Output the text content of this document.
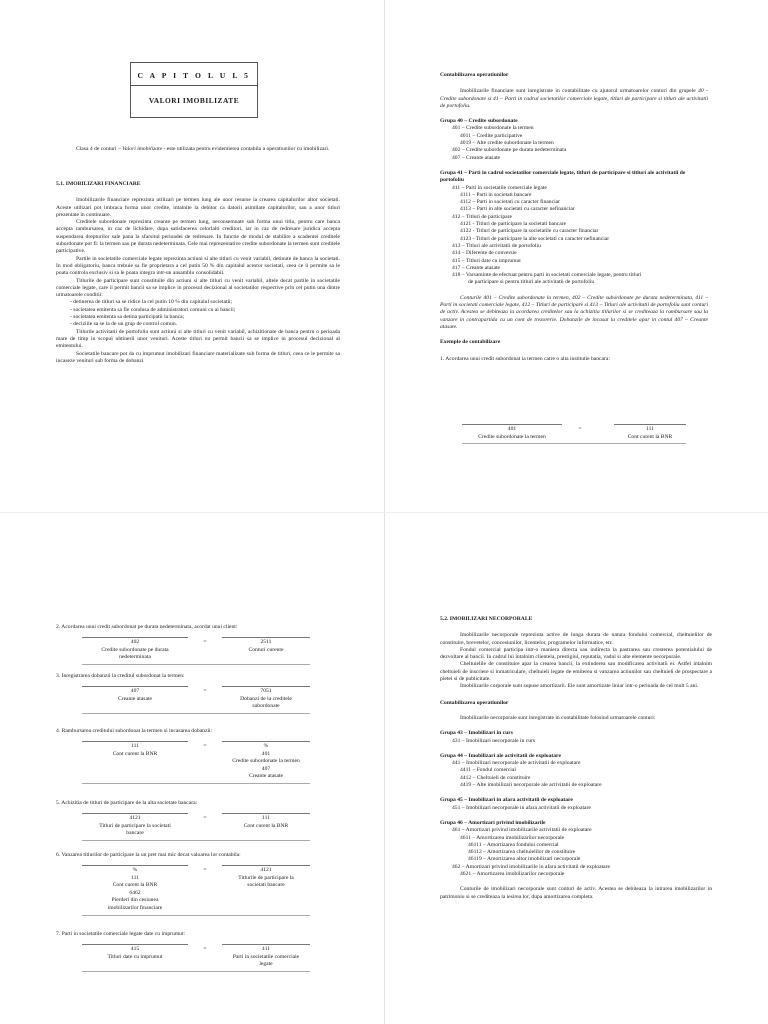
C A P I T O L U L 5
VALORI IMOBILIZATE

Clasa 4 de conturi – Valori imobilizate - este utilizata pentru evidentierea contabila a operatiunilor cu imobilizari.

5.1. IMOBILIZARI FINANCIARE

Imobilizarile financiare reprezinta utilizari pe termen lung ale unor resurse la crearea capitalurilor altor societati. Aceste utilizari pot imbraca forma unor credite, intalnite la debitor ca datorii asimilate capitalurilor, sau a unor titluri prezentate in continuare.

Creditele subordonate reprezinta creante pe termen lung, neconsemnate sub forma unui titlu, pentru care banca accepta rambursarea, in caz de lichidare, dupa satisfacerea celorlalti creditori, iar in caz de redresare juridica accepta suspendarea drepturilor sale pana la sfarsitul perioadei de redresare. In functie de modul de stabilire a scadentei creditele subordonate pot fi: la termen sau pe durata nedeterminata. Cele mai reprezentative credite subordonate la termen sunt creditele participative.

Partile in societatile comerciale legate reprezinta actiuni si alte titluri cu venit variabil, detinute de banca la societati. In mod obligatoriu, banca trebuie sa fie proprietara a cel putin 50 % din capitalul acestor societati, ceea ce ii permite sa le poata controla exclusiv si sa le poata integra intr-un ansamblu consolidabil.

Titlurile de participare sunt constituite din actiuni si alte titluri cu venit variabil, altele decat partile in societatile comerciale legate, care ii permit bancii sa se implice in procesul decizional al societatilor respective prin cel putin una dintre urmatoarele conditii:

- detinerea de titluri sa se ridice la cel putin 10 % din capitalul societatii;

- societatea emitenta sa fie condusa de administratori comuni cu ai bancii;

- societatea emitenta sa detina participatii la banca;

- deciziile sa se ia de un grup de control comun.

Titlurile activitatii de portofoliu sunt actiuni si alte titluri cu venit variabil, achizitionate de banca pentru o perioada mare de timp in scopul obtinerii unor venituri. Aceste titluri nu permit bancii sa se implice in procesul decizional al emitentului.

Societatile bancare pot da cu imprumut imobilizari financiare materializate sub forma de titluri, ceea ce le permite sa incaseze venituri sub forma de dobanzi

Contabilizarea operatiunilor

Imobilizarile financiare sunt inregistrate in contabilitate cu ajutorul urmatoarelor conturi din grupele 40 - Credite subordonate si 41 – Parti in cadrul societatilor comerciale legate, titluri de participare si titluri ale activitatii de portofoliu.

Grupa 40 – Credite subordonate

401 – Credite subordonate la termen

4011 – Credite participative

4019 – Alte credite subordonate la termen

402 – Credite subordonate pe durata nedeterminata

407 – Creante atasate

Grupa 41 – Parti in cadrul societatilor comerciale legate, titluri de participare si titluri ale activitatii de portofoliu

411 – Parti in societatile comerciale legate

4111 – Parti in societati bancare

4112 – Parti in societati cu caracter financiar

4113 – Parti in alte societati cu caracter nefinanciar

412 – Titluri de participare

4121 - Titluri de participare la societati bancare

4122 - Titluri de participare la societatile cu caracter financiar

4123 - Titluri de participare la alte societati cu caracter nefinanciar

413 – Titluri ale activitatii de portofoliu

414 – Diferente de conversie

415 – Titluri date cu imprumut

417 – Creante atasate

418 – Varsaminte de efectuat pentru parti in societati comerciale legate, pentru titluri

de participare si pentru titluri ale activitatii de portofoliu

Conturile 401 – Credite subordonate la termen, 402 – Credite subordonate pe durata nedeterminata, 411 – Parti in societati comerciale legate, 412 – Titluri de participare si 413 – Titluri ale activitatii de portofoliu sunt conturi de activ. Acestea se debiteaza la acordarea creditelor sau la achizitia titlurilor si se crediteaza la rambursare sau la vanzare in contrapartida cu un cont de trezorerie. Dobanzile de incasat la creditele apar in contul 407 – Creante atasate.

Exemple de contabilizare

1. Acordarea unui credit subordonat la termen catre o alta institutie bancara:

401
Credite subordonate la termen
=	111
Cont curent la BNR
2. Acordarea unui credit subordonat pe durata nedeterminata, acordat unui client:
402
Credite subordonate pe durata
nedeterminata
=	2511
Conturi curente
3. Inregistrarea dobanzii la creditul subordonat la termen:
407
Creante atasate
=	7051
Dobanzi de la creditele
subordonate
4. Rambursarea creditului subordonat la termen si incasarea dobanzii:
111
Cont curent la BNR
=	%
401
Credite subordonate la termen
407
Creante atasate
5. Achizitia de titluri de participare de la alta societate bancara:
4121
Titluri de participare la societati
bancare
=	111
Cont curent la BNR
6. Vanzarea titlurilor de participare la un pret mai mic decat valoarea lor contabila:
%
111
Cont curent la BNR
6462
Pierderi din cesiunea
imobilizarilor financiare
=	4121
Titlurile de participare la
societati bancare
7. Parti in societatile comerciale legate date cu imprumut:
415
Titluri date cu imprumut
=	411
Parti in societatile comerciale
legate

5.2. IMOBILIZARI NECORPORALE

Imobilizarile necorporale reprezinta active de lunga durata de natura fondului comercial, cheltuielilor de constituire, brevetelor, concesiunilor, licentelor, programelor informatice, etc.

Fondul comercial participa intr-o maniera directa sau indirecta la pastrarea sau cresterea potentialului de dezvoltare al bancii. In cadrul lui intalnim clientela, prestigiul, reputatia, vadul si alte elemente necorporale.

Cheltuielile de constituire apar la crearea bancii, la extinderea sau modificarea activitatii ei. Astfel intalnim cheltuieli de inscriere si inmatriculare, cheltuieli legate de emiterea si vanzarea actiunilor sau cheltuieli de prospectare a pietei si de publicitate.

Imobilizarile corporale sunt supuse amortizarii. Ele sunt amortizate liniar intr-o perioada de cel mult 5 ani.

Contabilizarea operatiunilor

Imobilizarile necorporale sunt inregistrate in contabilitate folosind urmatoarele conturi:

Grupa 43 – Imobilizari in curs

431 – Imobilizari necorporale in curs

Grupa 44 – Imobilizari ale activitatii de exploatare

441 – Imobilizari necorporale ale activitatii de exploatare

4411 – Fondul comercial

4412 – Cheltuieli de constituire

4419 – Alte imobilizari necorporale ale activitatii de exploatare

Grupa 45 – Imobilizari in afara activitatii de exploatare

451 – Imobilizari necorporale in afara activitatii de exploatare

Grupa 46 – Amortizari privind imobilizarile

461 – Amortizari privind imobilizarile activitatii de exploatare

4611 – Amortizarea imobilizarilor necorporale

46111 – Amortizarea fondului comercial

46112 – Amortizarea cheltuielilor de constituire

46119 – Amortizarea altor imobilizari necorporale

462 – Amortizari privind imobilizarile in afara activitatii de exploatare

4621 – Amortizarea imobilizarilor necorporale

Conturile de imobilizari necorporale sunt conturi de activ. Acestea se debiteaza la intrarea imobilizarilor in patrimoniu si se crediteaza la iesirea lor, dupa amortizarea completa.
